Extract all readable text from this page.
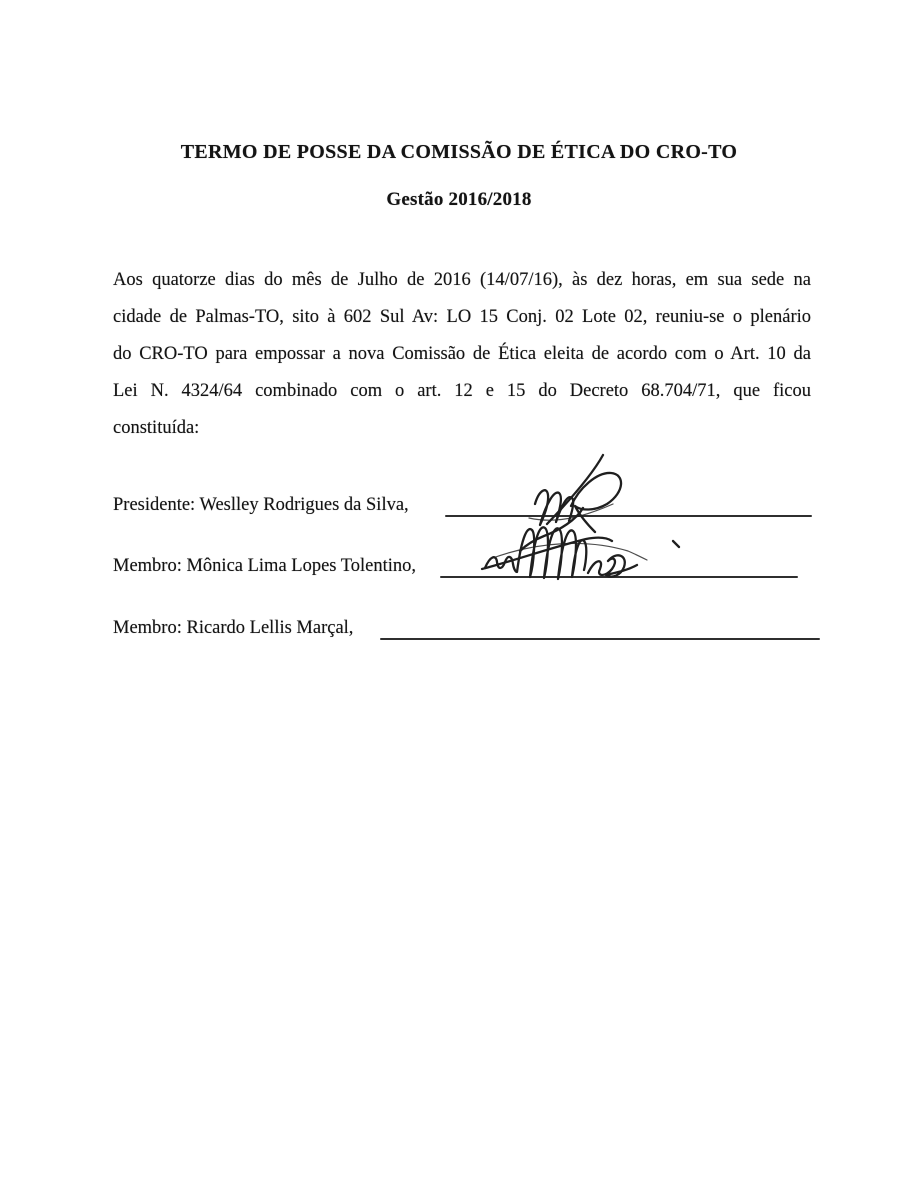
TERMO DE POSSE DA COMISSÃO DE ÉTICA DO CRO-TO
Gestão 2016/2018
Aos quatorze dias do mês de Julho de 2016 (14/07/16), às dez horas, em sua sede na
cidade de Palmas-TO, sito à 602 Sul Av: LO 15 Conj. 02 Lote 02, reuniu-se o plenário
do CRO-TO para empossar a nova Comissão de Ética eleita de acordo com o Art. 10 da
Lei N. 4324/64 combinado com o art. 12 e 15 do Decreto 68.704/71, que ficou
constituída:
Presidente: Weslley Rodrigues da Silva,
Membro: Mônica Lima Lopes Tolentino,
Membro: Ricardo Lellis Marçal,
